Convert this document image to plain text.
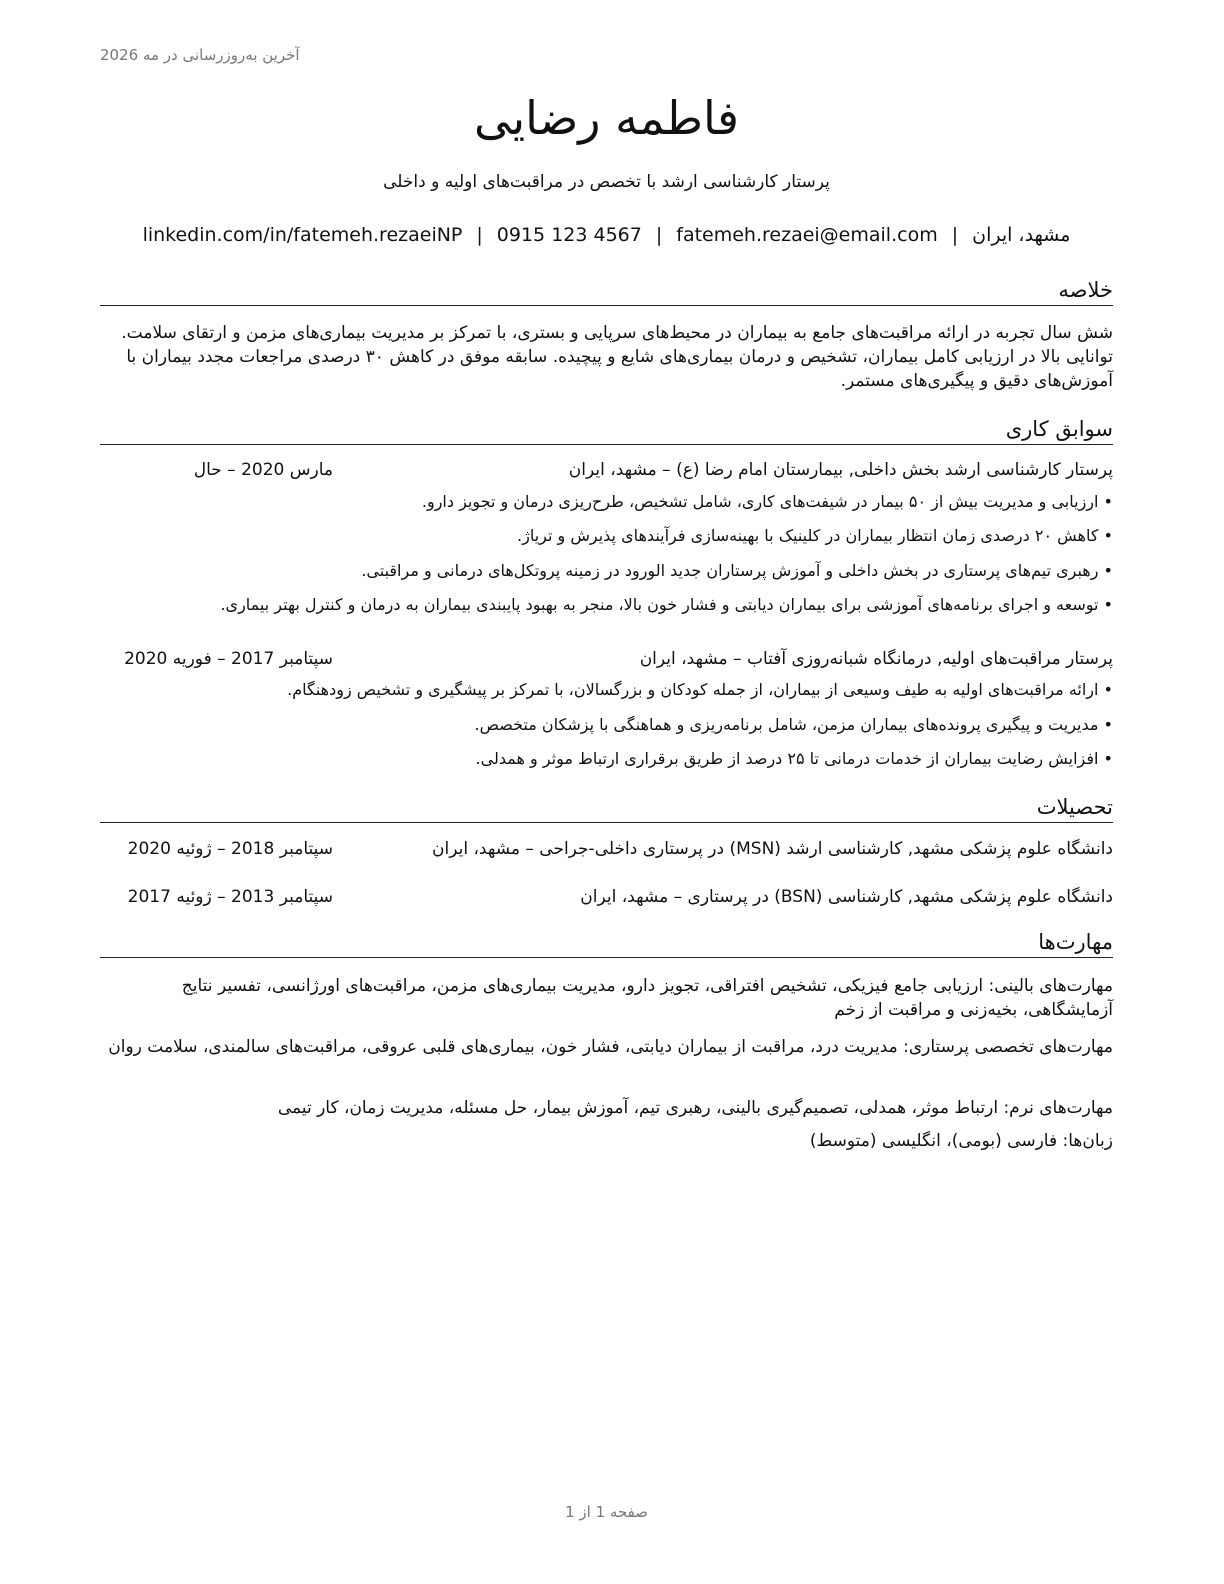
آخرین به‌روزرسانی در مه 2026
فاطمه رضایی
پرستار کارشناسی ارشد با تخصص در مراقبت‌های اولیه و داخلی
مشهد، ایران|fatemeh.rezaei@email.com|0915 123 4567|linkedin.com/in/fatemeh.rezaeiNP
خلاصه
شش سال تجربه در ارائه مراقبت‌های جامع به بیماران در محیط‌های سرپایی و بستری، با تمرکز بر مدیریت بیماری‌های مزمن و ارتقای سلامت. توانایی بالا در ارزیابی کامل بیماران، تشخیص و درمان بیماری‌های شایع و پیچیده. سابقه موفق در کاهش ۳۰ درصدی مراجعات مجدد بیماران با آموزش‌های دقیق و پیگیری‌های مستمر.
سوابق کاری
پرستار کارشناسی ارشد بخش داخلی, بیمارستان امام رضا (ع) – مشهد، ایران
مارس 2020 – حال
• ارزیابی و مدیریت بیش از ۵۰ بیمار در شیفت‌های کاری، شامل تشخیص، طرح‌ریزی درمان و تجویز دارو.
• کاهش ۲۰ درصدی زمان انتظار بیماران در کلینیک با بهینه‌سازی فرآیندهای پذیرش و تریاژ.
• رهبری تیم‌های پرستاری در بخش داخلی و آموزش پرستاران جدید الورود در زمینه پروتکل‌های درمانی و مراقبتی.
• توسعه و اجرای برنامه‌های آموزشی برای بیماران دیابتی و فشار خون بالا، منجر به بهبود پایبندی بیماران به درمان و کنترل بهتر بیماری.
پرستار مراقبت‌های اولیه, درمانگاه شبانه‌روزی آفتاب – مشهد، ایران
سپتامبر 2017 – فوریه 2020
• ارائه مراقبت‌های اولیه به طیف وسیعی از بیماران، از جمله کودکان و بزرگسالان، با تمرکز بر پیشگیری و تشخیص زودهنگام.
• مدیریت و پیگیری پرونده‌های بیماران مزمن، شامل برنامه‌ریزی و هماهنگی با پزشکان متخصص.
• افزایش رضایت بیماران از خدمات درمانی تا ۲۵ درصد از طریق برقراری ارتباط موثر و همدلی.
تحصیلات
دانشگاه علوم پزشکی مشهد, کارشناسی ارشد (MSN) در پرستاری داخلی-جراحی – مشهد، ایران
سپتامبر 2018 – ژوئیه 2020
دانشگاه علوم پزشکی مشهد, کارشناسی (BSN) در پرستاری – مشهد، ایران
سپتامبر 2013 – ژوئیه 2017
مهارت‌ها
مهارت‌های بالینی: ارزیابی جامع فیزیکی، تشخیص افتراقی، تجویز دارو، مدیریت بیماری‌های مزمن، مراقبت‌های اورژانسی، تفسیر نتایج آزمایشگاهی، بخیه‌زنی و مراقبت از زخم
مهارت‌های تخصصی پرستاری: مدیریت درد، مراقبت از بیماران دیابتی، فشار خون، بیماری‌های قلبی عروقی، مراقبت‌های سالمندی، سلامت روان
مهارت‌های نرم: ارتباط موثر، همدلی، تصمیم‌گیری بالینی، رهبری تیم، آموزش بیمار، حل مسئله، مدیریت زمان، کار تیمی
زبان‌ها: فارسی (بومی)، انگلیسی (متوسط)
صفحه 1 از 1
